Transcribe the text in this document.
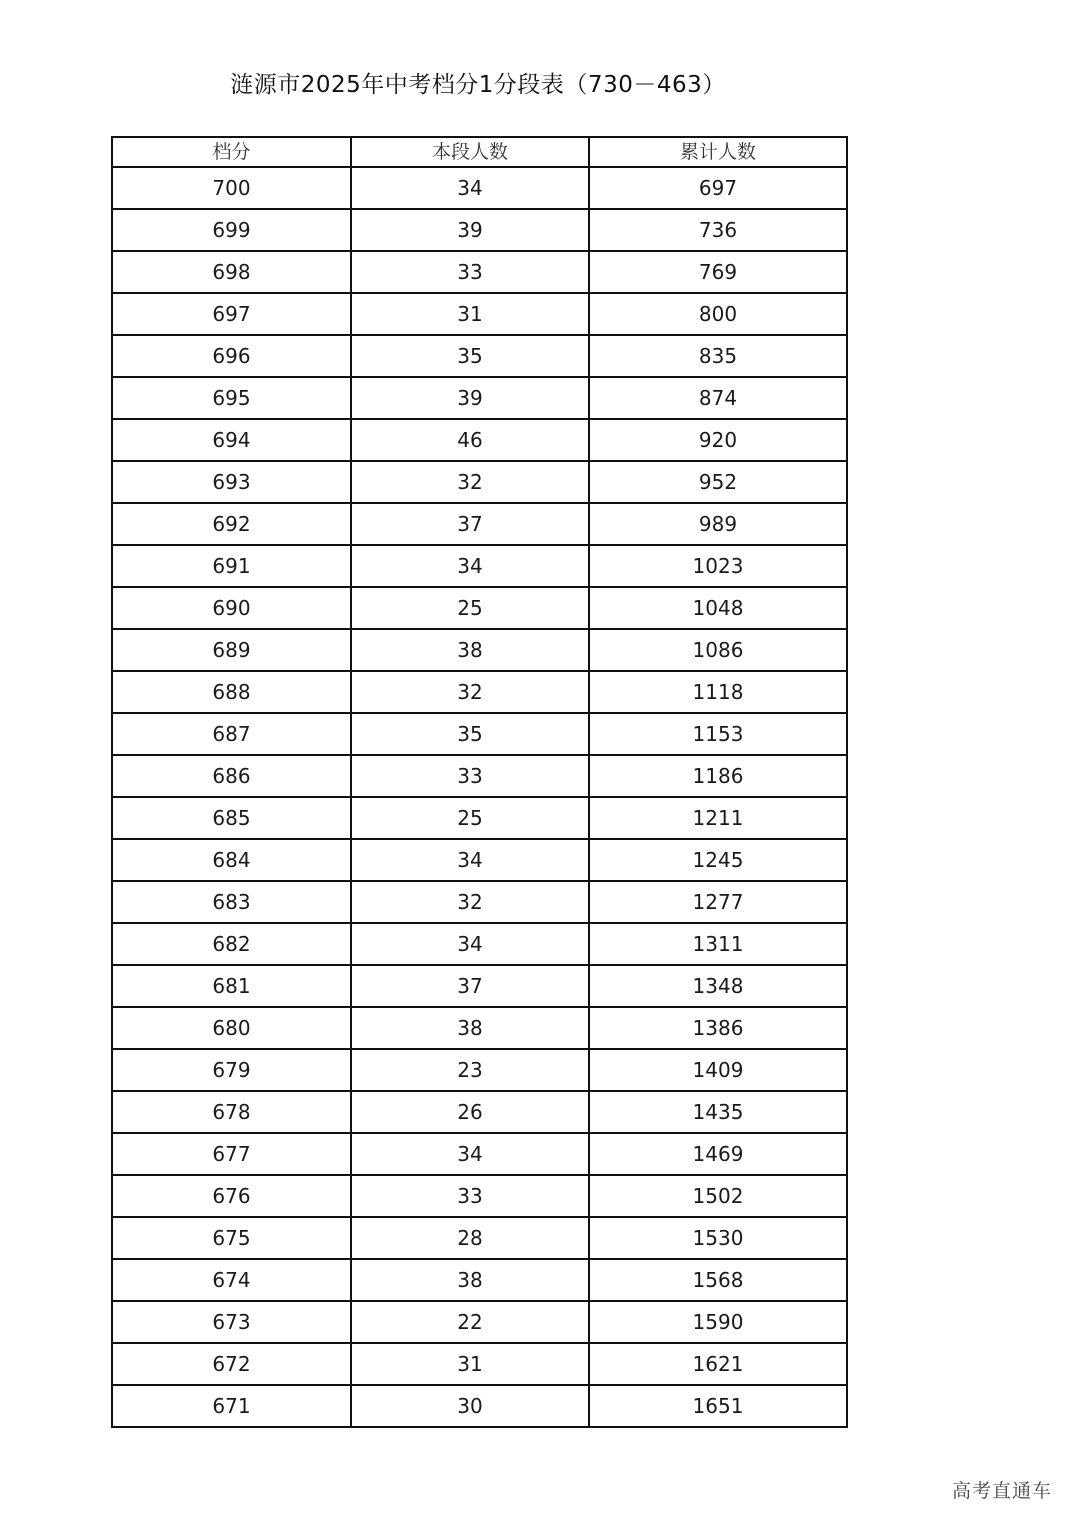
涟源市2025年中考档分1分段表（730－463）
档分	本段人数	累计人数
700	34	697
699	39	736
698	33	769
697	31	800
696	35	835
695	39	874
694	46	920
693	32	952
692	37	989
691	34	1023
690	25	1048
689	38	1086
688	32	1118
687	35	1153
686	33	1186
685	25	1211
684	34	1245
683	32	1277
682	34	1311
681	37	1348
680	38	1386
679	23	1409
678	26	1435
677	34	1469
676	33	1502
675	28	1530
674	38	1568
673	22	1590
672	31	1621
671	30	1651
高考直通车
